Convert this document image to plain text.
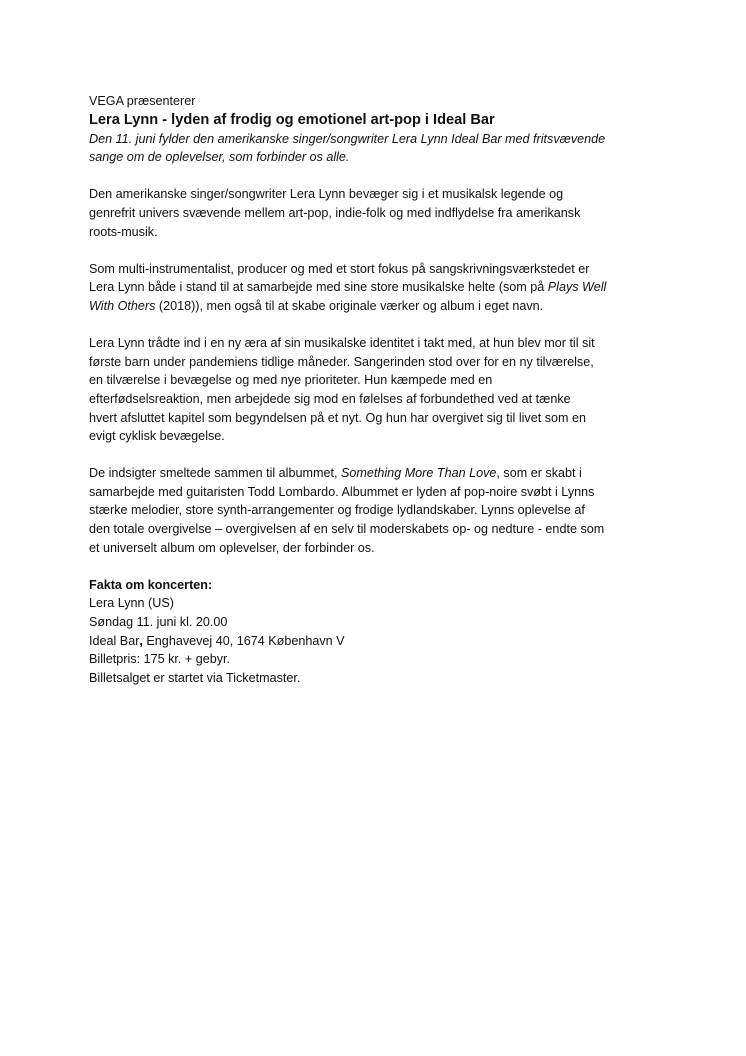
VEGA præsenterer
Lera Lynn - lyden af frodig og emotionel art-pop i Ideal Bar
Den 11. juni fylder den amerikanske singer/songwriter Lera Lynn Ideal Bar med fritsvævende
sange om de oplevelser, som forbinder os alle.
Den amerikanske singer/songwriter Lera Lynn bevæger sig i et musikalsk legende og
genrefrit univers svævende mellem art-pop, indie-folk og med indflydelse fra amerikansk
roots-musik.
Som multi-instrumentalist, producer og med et stort fokus på sangskrivningsværkstedet er
Lera Lynn både i stand til at samarbejde med sine store musikalske helte (som på Plays Well
With Others (2018)), men også til at skabe originale værker og album i eget navn.
Lera Lynn trådte ind i en ny æra af sin musikalske identitet i takt med, at hun blev mor til sit
første barn under pandemiens tidlige måneder. Sangerinden stod over for en ny tilværelse,
en tilværelse i bevægelse og med nye prioriteter. Hun kæmpede med en
efterfødselsreaktion, men arbejdede sig mod en følelses af forbundethed ved at tænke
hvert afsluttet kapitel som begyndelsen på et nyt. Og hun har overgivet sig til livet som en
evigt cyklisk bevægelse.
De indsigter smeltede sammen til albummet, Something More Than Love, som er skabt i
samarbejde med guitaristen Todd Lombardo. Albummet er lyden af pop-noire svøbt i Lynns
stærke melodier, store synth-arrangementer og frodige lydlandskaber. Lynns oplevelse af
den totale overgivelse – overgivelsen af en selv til moderskabets op- og nedture - endte som
et universelt album om oplevelser, der forbinder os.
Fakta om koncerten:
Lera Lynn (US)
Søndag 11. juni kl. 20.00
Ideal Bar, Enghavevej 40, 1674 København V
Billetpris: 175 kr. + gebyr.
Billetsalget er startet via Ticketmaster.
